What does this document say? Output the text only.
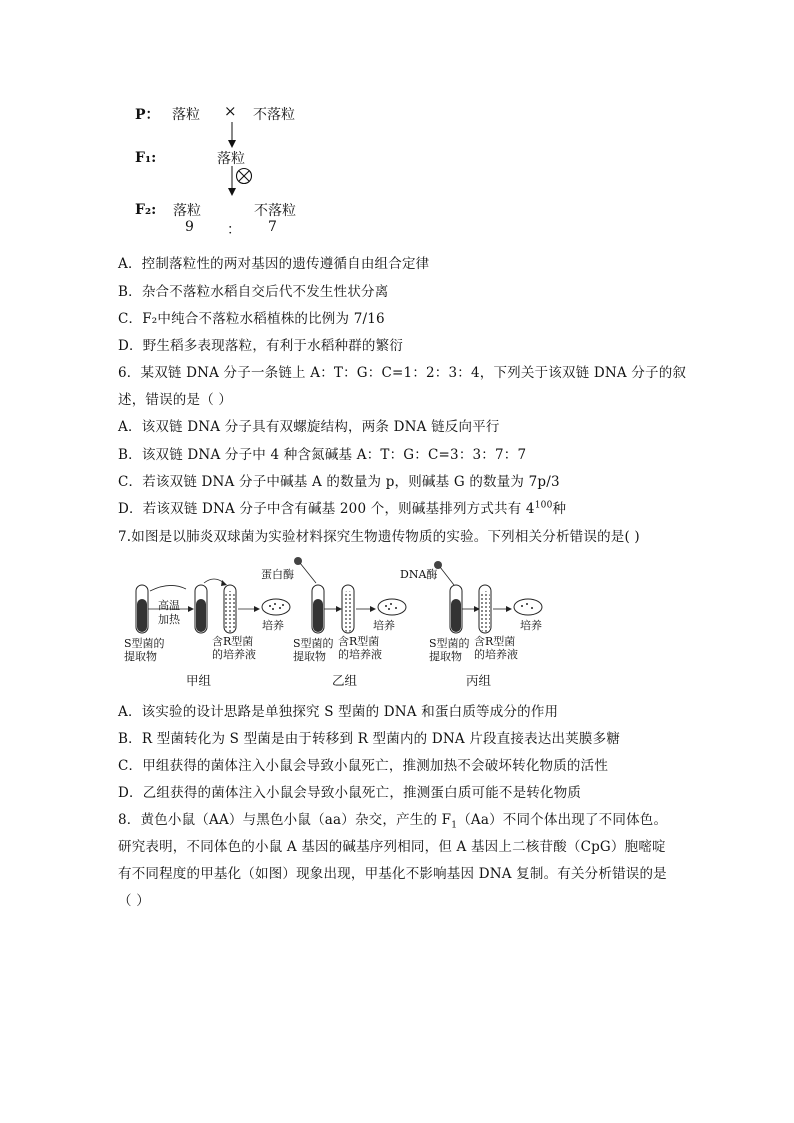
P： 落粒 × 不落粒
F₁:	落粒
F₂: 落粒	不落粒
9 ： 7
A．控制落粒性的两对基因的遗传遵循自由组合定律
B．杂合不落粒水稻自交后代不发生性状分离
C．F₂中纯合不落粒水稻植株的比例为 7/16
D．野生稻多表现落粒，有利于水稻种群的繁衍
6．某双链 DNA 分子一条链上 A：T：G：C=1：2：3：4，下列关于该双链 DNA 分子的叙
述，错误的是（ ）
A．该双链 DNA 分子具有双螺旋结构，两条 DNA 链反向平行
B．该双链 DNA 分子中 4 种含氮碱基 A：T：G：C=3：3：7：7
C．若该双链 DNA 分子中碱基 A 的数量为 p，则碱基 G 的数量为 7p/3
D．若该双链 DNA 分子中含有碱基 200 个，则碱基排列方式共有 $4^{100}$种
7.如图是以肺炎双球菌为实验材料探究生物遗传物质的实验。下列相关分析错误的是( )
高温
加热
S型菌的
提取物
含R型菌
的培养液
培养
甲组
蛋白酶
S型菌的
提取物
含R型菌
的培养液
培养
乙组
DNA酶
S型菌的
提取物
含R型菌
的培养液
培养
丙组
A．该实验的设计思路是单独探究 S 型菌的 DNA 和蛋白质等成分的作用
B．R 型菌转化为 S 型菌是由于转移到 R 型菌内的 DNA 片段直接表达出荚膜多糖
C．甲组获得的菌体注入小鼠会导致小鼠死亡，推测加热不会破坏转化物质的活性
D．乙组获得的菌体注入小鼠会导致小鼠死亡，推测蛋白质可能不是转化物质
8．黄色小鼠（AA）与黑色小鼠（aa）杂交，产生的 $F_1(Aa)$不同个体出现了不同体色。
研究表明，不同体色的小鼠 A 基因的碱基序列相同，但 A 基因上二核苷酸（CpG）胞嘧啶
有不同程度的甲基化（如图）现象出现，甲基化不影响基因 DNA 复制。有关分析错误的是
（ ）
